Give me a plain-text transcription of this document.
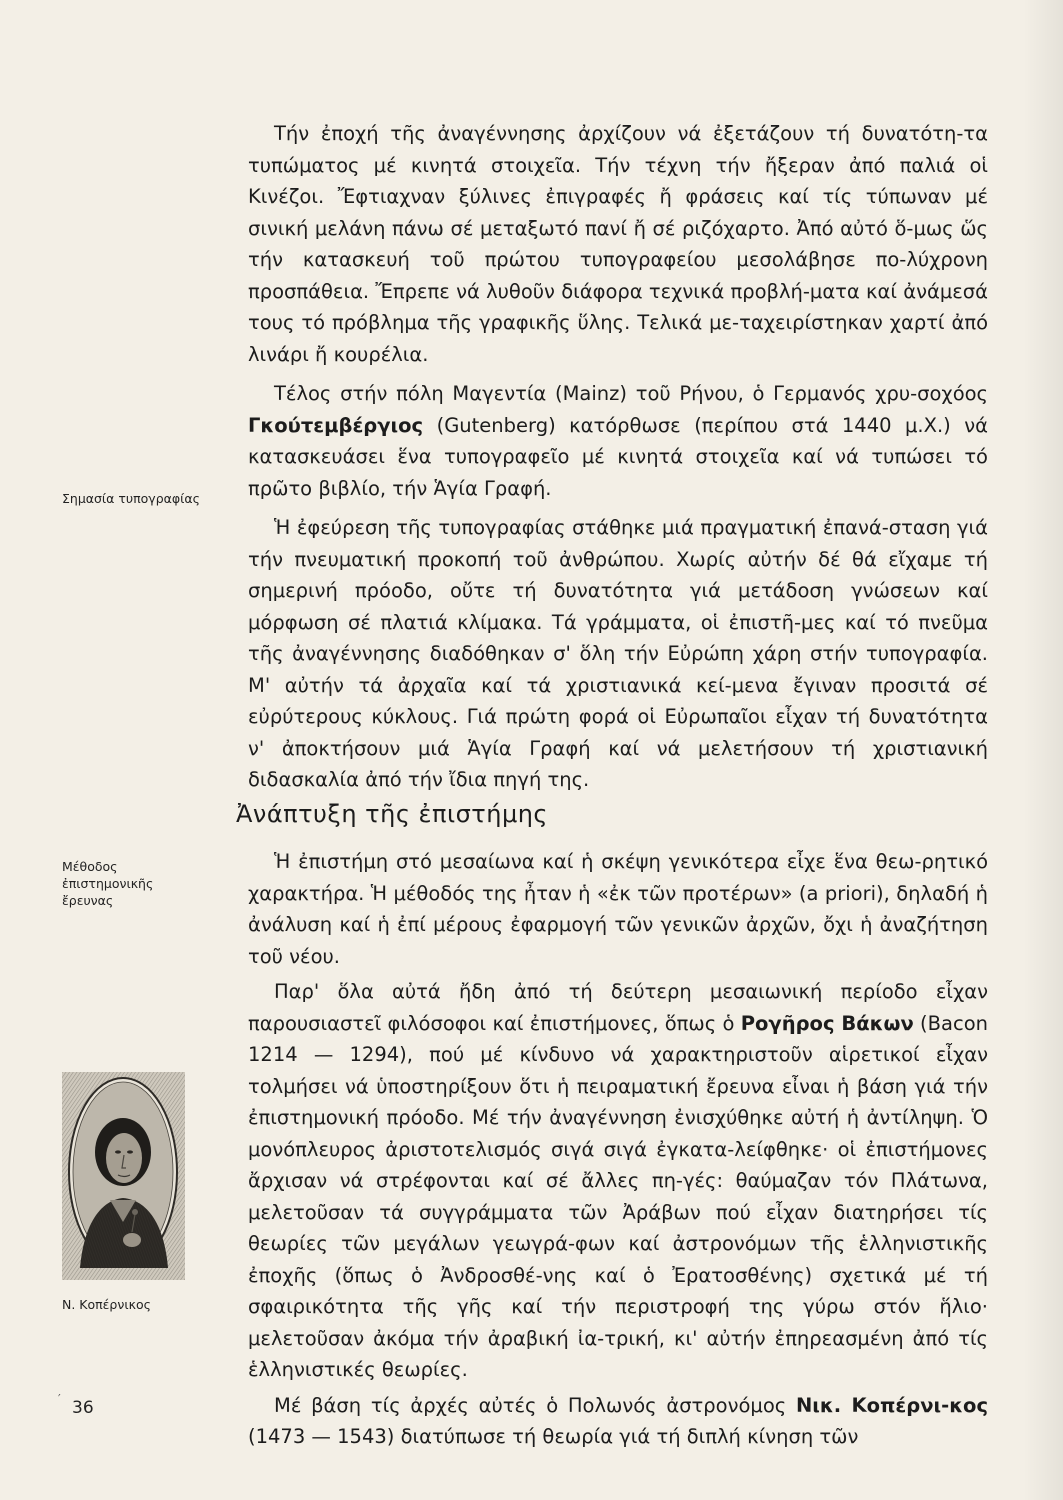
Τήν ἐποχή τῆς ἀναγέννησης ἀρχίζουν νά ἐξετάζουν τή δυνατότη-τα τυπώματος μέ κινητά στοιχεῖα. Τήν τέχνη τήν ἤξεραν ἀπό παλιά οἱ Κινέζοι. Ἔφτιαχναν ξύλινες ἐπιγραφές ἤ φράσεις καί τίς τύπωναν μέ σινική μελάνη πάνω σέ μεταξωτό πανί ἤ σέ ριζόχαρτο. Ἀπό αὐτό ὅ-μως ὥς τήν κατασκευή τοῦ πρώτου τυπογραφείου μεσολάβησε πο-λύχρονη προσπάθεια. Ἔπρεπε νά λυθοῦν διάφορα τεχνικά προβλή-ματα καί ἀνάμεσά τους τό πρόβλημα τῆς γραφικῆς ὕλης. Τελικά με-ταχειρίστηκαν χαρτί ἀπό λινάρι ἤ κουρέλια.

Τέλος στήν πόλη Μαγεντία (Mainz) τοῦ Ρήνου, ὁ Γερμανός χρυ-σοχόος Γκούτεμβέργιος (Gutenberg) κατόρθωσε (περίπου στά 1440 μ.Χ.) νά κατασκευάσει ἕνα τυπογραφεῖο μέ κινητά στοιχεῖα καί νά τυπώσει τό πρῶτο βιβλίο, τήν Ἁγία Γραφή.

Ἡ ἐφεύρεση τῆς τυπογραφίας στάθηκε μιά πραγματική ἐπανά-σταση γιά τήν πνευματική προκοπή τοῦ ἀνθρώπου. Χωρίς αὐτήν δέ θά εἴχαμε τή σημερινή πρόοδο, οὔτε τή δυνατότητα γιά μετάδοση γνώσεων καί μόρφωση σέ πλατιά κλίμακα. Τά γράμματα, οἱ ἐπιστῆ-μες καί τό πνεῦμα τῆς ἀναγέννησης διαδόθηκαν σ' ὅλη τήν Εὐρώπη χάρη στήν τυπογραφία. Μ' αὐτήν τά ἀρχαῖα καί τά χριστιανικά κεί-μενα ἔγιναν προσιτά σέ εὐρύτερους κύκλους. Γιά πρώτη φορά οἱ Εὐρωπαῖοι εἶχαν τή δυνατότητα ν' ἀποκτήσουν μιά Ἁγία Γραφή καί νά μελετήσουν τή χριστιανική διδασκαλία ἀπό τήν ἴδια πηγή της.

Σημασία τυπογραφίας
Ἀνάπτυξη τῆς ἐπιστήμης
Μέθοδος
ἐπιστημονικῆς
ἔρευνας

Ἡ ἐπιστήμη στό μεσαίωνα καί ἡ σκέψη γενικότερα εἶχε ἕνα θεω-ρητικό χαρακτήρα. Ἡ μέθοδός της ἦταν ἡ «ἐκ τῶν προτέρων» (a priori), δηλαδή ἡ ἀνάλυση καί ἡ ἐπί μέρους ἐφαρμογή τῶν γενικῶν ἀρχῶν, ὄχι ἡ ἀναζήτηση τοῦ νέου.

Παρ' ὅλα αὐτά ἤδη ἀπό τή δεύτερη μεσαιωνική περίοδο εἶχαν παρουσιαστεῖ φιλόσοφοι καί ἐπιστήμονες, ὅπως ὁ Ρογῆρος Βάκων (Bacon 1214 — 1294), πού μέ κίνδυνο νά χαρακτηριστοῦν αἱρετικοί εἶχαν τολμήσει νά ὑποστηρίξουν ὅτι ἡ πειραματική ἔρευνα εἶναι ἡ βάση γιά τήν ἐπιστημονική πρόοδο. Μέ τήν ἀναγέννηση ἐνισχύθηκε αὐτή ἡ ἀντίληψη. Ὁ μονόπλευρος ἀριστοτελισμός σιγά σιγά ἐγκατα-λείφθηκε· οἱ ἐπιστήμονες ἄρχισαν νά στρέφονται καί σέ ἄλλες πη-γές: θαύμαζαν τόν Πλάτωνα, μελετοῦσαν τά συγγράμματα τῶν Ἀράβων πού εἶχαν διατηρήσει τίς θεωρίες τῶν μεγάλων γεωγρά-φων καί ἀστρονόμων τῆς ἑλληνιστικῆς ἐποχῆς (ὅπως ὁ Ἀνδροσθέ-νης καί ὁ Ἐρατοσθένης) σχετικά μέ τή σφαιρικότητα τῆς γῆς καί τήν περιστροφή της γύρω στόν ἥλιο· μελετοῦσαν ἀκόμα τήν ἀραβική ἰα-τρική, κι' αὐτήν ἐπηρεασμένη ἀπό τίς ἑλληνιστικές θεωρίες.

Μέ βάση τίς ἀρχές αὐτές ὁ Πολωνός ἀστρονόμος Νικ. Κοπέρνι-κος (1473 — 1543) διατύπωσε τή θεωρία γιά τή διπλή κίνηση τῶν

Ν. Κοπέρνικος
′ 36
